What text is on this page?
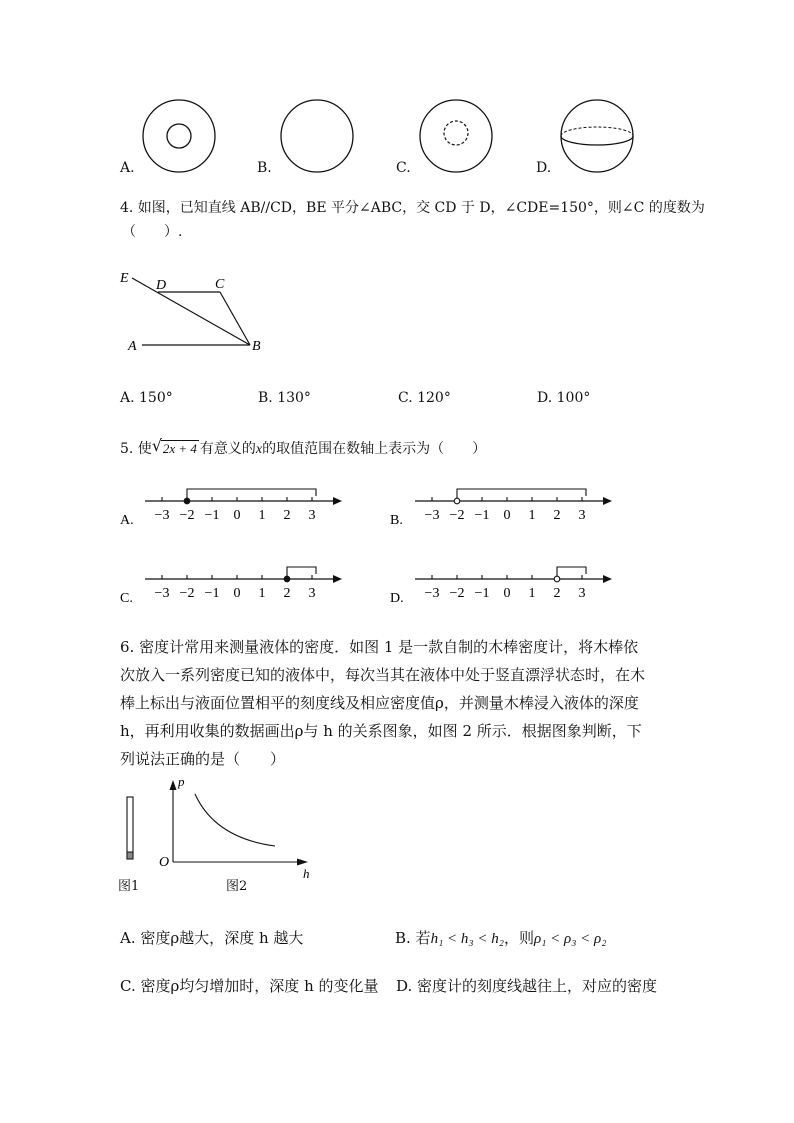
A.	B.	C.	D.
4. 如图，已知直线 AB//CD，BE 平分∠ABC，交 CD 于 D，∠CDE=150°，则∠C 的度数为
（　　）.
E D	C
A	B
A. 150°	B. 130°	C. 120°	D. 100°
5. 使 √ 2x + 4 有意义的x的取值范围在数轴上表示为（　　）
A. −3 −2 −1 0 1 2 3	B. −3 −2 −1 0 1 2 3
C. −3 −2 −1 0 1 2 3	D. −3 −2 −1 0 1 2 3
6. 密度计常用来测量液体的密度．如图 1 是一款自制的木棒密度计，将木棒依
次放入一系列密度已知的液体中，每次当其在液体中处于竖直漂浮状态时，在木
棒上标出与液面位置相平的刻度线及相应密度值ρ，并测量木棒浸入液体的深度
h，再利用收集的数据画出ρ与 h 的关系图象，如图 2 所示．根据图象判断，下
列说法正确的是（　　）
p
h
O
图1	图2
A. 密度ρ越大，深度 h 越大	B. 若h₁ < h₃ < h₂，则ρ₁ < ρ₃ < ρ₂
C. 密度ρ均匀增加时，深度 h 的变化量 D. 密度计的刻度线越往上，对应的密度
